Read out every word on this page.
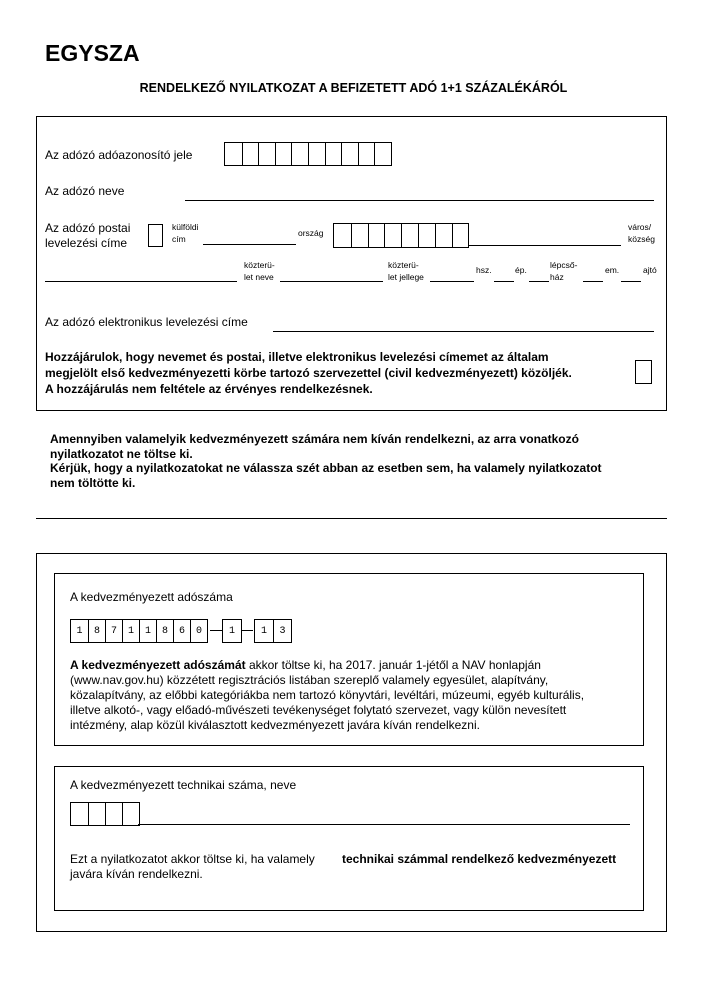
EGYSZA
RENDELKEZŐ NYILATKOZAT A BEFIZETETT ADÓ 1+1 SZÁZALÉKÁRÓL
Az adózó adóazonosító jele
Az adózó neve
Az adózó postai
levelezési címe
külföldi
cím
ország
város/
község
közterü-
let neve
közterü-
let jellege
hsz.	ép.	lépcső-
ház
em.	ajtó
Az adózó elektronikus levelezési címe
Hozzájárulok, hogy nevemet és postai, illetve elektronikus levelezési címemet az általam
megjelölt első kedvezményezetti körbe tartozó szervezettel (civil kedvezményezett) közöljék.
A hozzájárulás nem feltétele az érvényes rendelkezésnek.
Amennyiben valamelyik kedvezményezett számára nem kíván rendelkezni, az arra vonatkozó
nyilatkozatot ne töltse ki.
Kérjük, hogy a nyilatkozatokat ne válassza szét abban az esetben sem, ha valamely nyilatkozatot
nem töltötte ki.
A kedvezményezett adószáma
1	8	7	1	1	8	6	0	1	1	3
A kedvezményezett adószámát akkor töltse ki, ha 2017. január 1-jétől a NAV honlapján
(www.nav.gov.hu) közzétett regisztrációs listában szereplő valamely egyesület, alapítvány,
közalapítvány, az előbbi kategóriákba nem tartozó könyvtári, levéltári, múzeumi, egyéb kulturális,
illetve alkotó-, vagy előadó-művészeti tevékenységet folytató szervezet, vagy külön nevesített
intézmény, alap közül kiválasztott kedvezményezett javára kíván rendelkezni.
A kedvezményezett technikai száma, neve
Ezt a nyilatkozatot akkor töltse ki, ha valamely technikai számmal rendelkező kedvezményezett
javára kíván rendelkezni.
